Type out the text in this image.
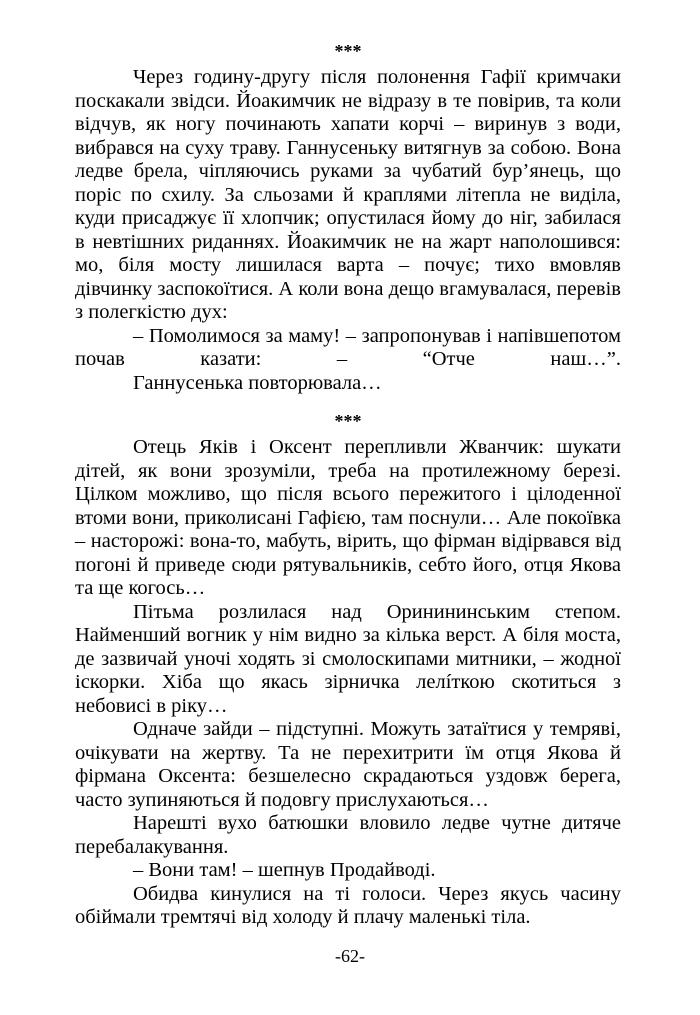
***

Через годину-другу після полонення Гафії кримчаки поскакали звідси. Йоакимчик не відразу в те повірив, та коли відчув, як ногу починають хапати корчі – виринув з води, вибрався на суху траву. Ганнусеньку витягнув за собою. Вона ледве брела, чіпляючись руками за чубатий бур’янець, що поріс по схилу. За сльозами й краплями літепла не виділа, куди присаджує її хлопчик; опустилася йому до ніг, забилася в невтішних риданнях. Йоакимчик не на жарт наполошився: мо, біля мосту лишилася варта – почує; тихо вмовляв дівчинку заспокоїтися. А коли вона дещо вгамувалася, перевів з полегкістю дух:

– Помолимося за маму! – запропонував і напівшепотом почав казати: – “Отче наш…”.

Ганнусенька повторювала…

***

Отець Яків і Оксент перепливли Жванчик: шукати дітей, як вони зрозуміли, треба на протилежному березі. Цілком можливо, що після всього пережитого і цілоденної втоми вони, приколисані Гафією, там поснули… Але покоївка – насторожі: вона-то, мабуть, вірить, що фірман відірвався від погоні й приведе сюди рятувальників, себто його, отця Якова та ще когось…

Пітьма розлилася над Оринининським степом. Найменший вогник у нім видно за кілька верст. А біля моста, де зазвичай уночі ходять зі смолоскипами митники, – жодної іскорки. Хіба що якась зірничка лелíткою скотиться з небовисі в ріку…

Одначе зайди – підступні. Можуть затаїтися у темряві, очікувати на жертву. Та не перехитрити їм отця Якова й фірмана Оксента: безшелесно скрадаються уздовж берега, часто зупиняються й подовгу прислухаються…

Нарешті вухо батюшки вловило ледве чутне дитяче перебалакування.

– Вони там! – шепнув Продайводі.

Обидва кинулися на ті голоси. Через якусь часину обіймали тремтячі від холоду й плачу маленькі тіла.

-62-
